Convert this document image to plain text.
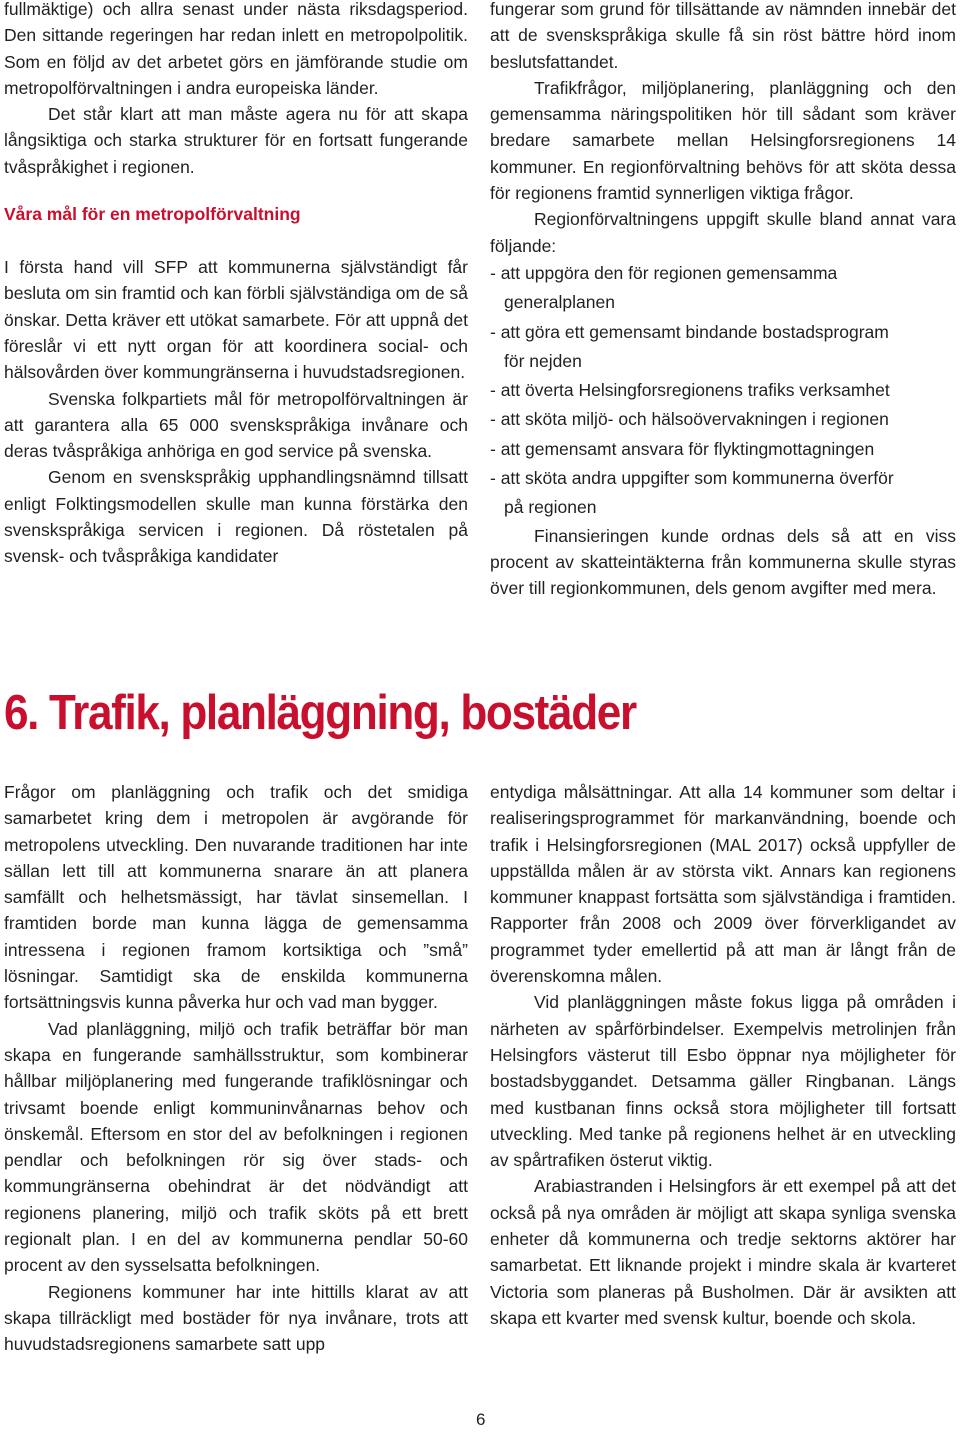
fullmäktige) och allra senast under nästa riksdagsperiod. Den sittande regeringen har redan inlett en metropolpolitik. Som en följd av det arbetet görs en jämförande studie om metropolförvaltningen i andra europeiska länder.

Det står klart att man måste agera nu för att skapa långsiktiga och starka strukturer för en fortsatt fungerande tvåspråkighet i regionen.

Våra mål för en metropolförvaltning

I första hand vill SFP att kommunerna självständigt får besluta om sin framtid och kan förbli självständiga om de så önskar. Detta kräver ett utökat samarbete. För att uppnå det föreslår vi ett nytt organ för att koordinera social- och hälsovården över kommungränserna i huvudstadsregionen.

Svenska folkpartiets mål för metropolförvaltningen är att garantera alla 65 000 svenskspråkiga invånare och deras tvåspråkiga anhöriga en god service på svenska.

Genom en svenskspråkig upphandlingsnämnd tillsatt enligt Folktingsmodellen skulle man kunna förstärka den svenskspråkiga servicen i regionen. Då röstetalen på svensk- och tvåspråkiga kandidater

fungerar som grund för tillsättande av nämnden innebär det att de svenskspråkiga skulle få sin röst bättre hörd inom beslutsfattandet.

Trafikfrågor, miljöplanering, planläggning och den gemensamma näringspolitiken hör till sådant som kräver bredare samarbete mellan Helsingforsregionens 14 kommuner. En regionförvaltning behövs för att sköta dessa för regionens framtid synnerligen viktiga frågor.

Regionförvaltningens uppgift skulle bland annat vara följande:

- att uppgöra den för regionen gemensamma
generalplanen
- att göra ett gemensamt bindande bostadsprogram
för nejden
- att överta Helsingforsregionens trafiks verksamhet
- att sköta miljö- och hälsoövervakningen i regionen
- att gemensamt ansvara för flyktingmottagningen
- att sköta andra uppgifter som kommunerna överför
på regionen

Finansieringen kunde ordnas dels så att en viss procent av skatteintäkterna från kommunerna skulle styras över till regionkommunen, dels genom avgifter med mera.

6. Trafik, planläggning, bostäder

Frågor om planläggning och trafik och det smidiga samarbetet kring dem i metropolen är avgörande för metropolens utveckling. Den nuvarande traditionen har inte sällan lett till att kommunerna snarare än att planera samfällt och helhetsmässigt, har tävlat sinsemellan. I framtiden borde man kunna lägga de gemensamma intressena i regionen framom kortsiktiga och ”små” lösningar. Samtidigt ska de enskilda kommunerna fortsättningsvis kunna påverka hur och vad man bygger.

Vad planläggning, miljö och trafik beträffar bör man skapa en fungerande samhällsstruktur, som kombinerar hållbar miljöplanering med fungerande trafiklösningar och trivsamt boende enligt kommuninvånarnas behov och önskemål. Eftersom en stor del av befolkningen i regionen pendlar och befolkningen rör sig över stads- och kommungränserna obehindrat är det nödvändigt att regionens planering, miljö och trafik sköts på ett brett regionalt plan. I en del av kommunerna pendlar 50-60 procent av den sysselsatta befolkningen.

Regionens kommuner har inte hittills klarat av att skapa tillräckligt med bostäder för nya invånare, trots att huvudstadsregionens samarbete satt upp

entydiga målsättningar. Att alla 14 kommuner som deltar i realiseringsprogrammet för markanvändning, boende och trafik i Helsingforsregionen (MAL 2017) också uppfyller de uppställda målen är av största vikt. Annars kan regionens kommuner knappast fortsätta som självständiga i framtiden. Rapporter från 2008 och 2009 över förverkligandet av programmet tyder emellertid på att man är långt från de överenskomna målen.

Vid planläggningen måste fokus ligga på områden i närheten av spårförbindelser. Exempelvis metrolinjen från Helsingfors västerut till Esbo öppnar nya möjligheter för bostadsbyggandet. Detsamma gäller Ringbanan. Längs med kustbanan finns också stora möjligheter till fortsatt utveckling. Med tanke på regionens helhet är en utveckling av spårtrafiken österut viktig.

Arabiastranden i Helsingfors är ett exempel på att det också på nya områden är möjligt att skapa synliga svenska enheter då kommunerna och tredje sektorns aktörer har samarbetat. Ett liknande projekt i mindre skala är kvarteret Victoria som planeras på Busholmen. Där är avsikten att skapa ett kvarter med svensk kultur, boende och skola.

6
